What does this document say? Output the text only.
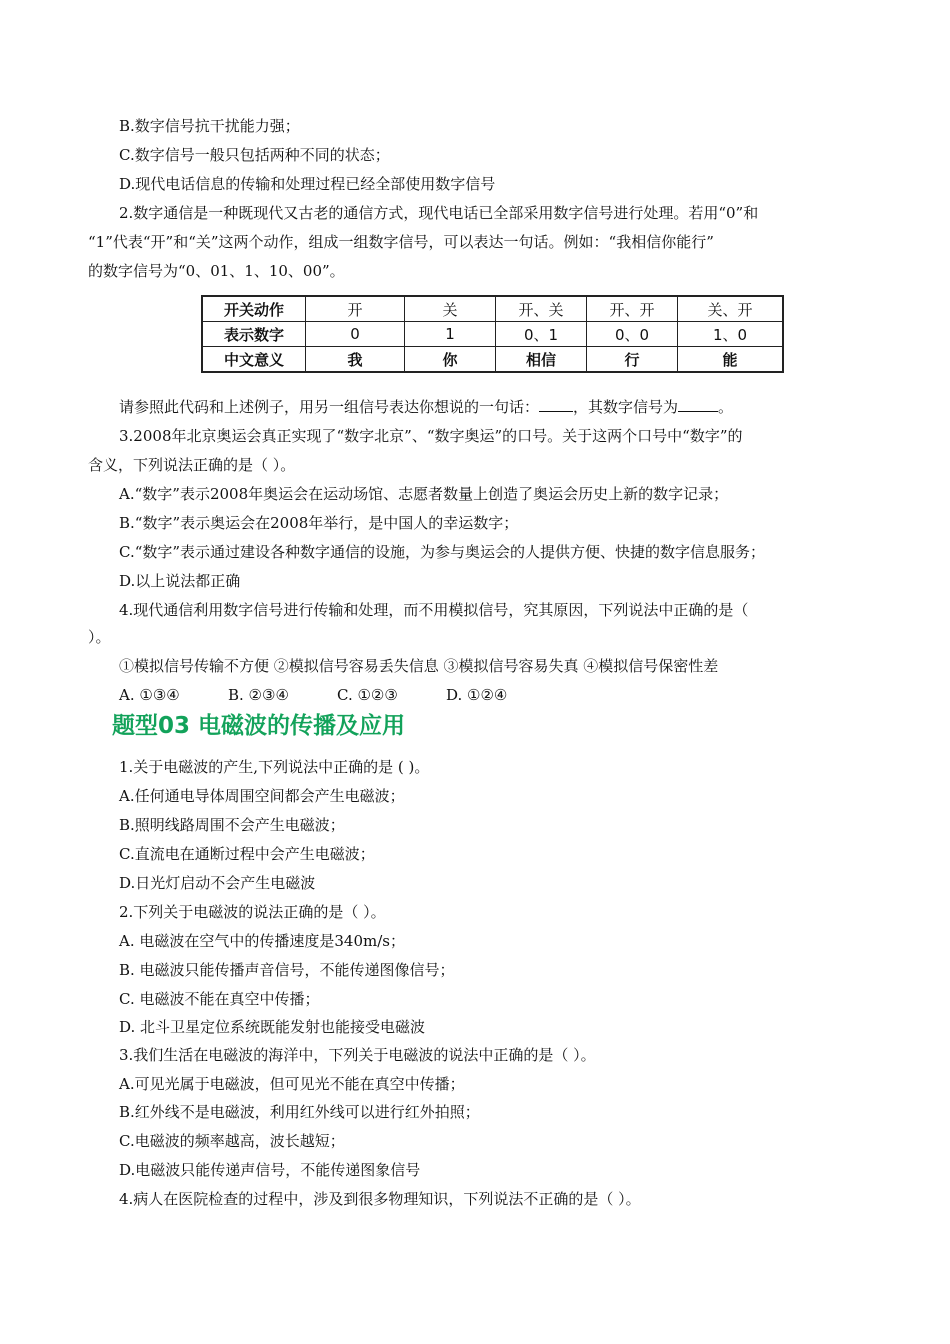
B.数字信号抗干扰能力强；
C.数字信号一般只包括两种不同的状态；
D.现代电话信息的传输和处理过程已经全部使用数字信号
2.数字通信是一种既现代又古老的通信方式，现代电话已全部采用数字信号进行处理。若用“0”和
“1”代表“开”和“关”这两个动作，组成一组数字信号，可以表达一句话。例如：“我相信你能行”
的数字信号为“0、01、1、10、00”。
开关动作	开	关	开、关	开、开	关、开
表示数字	0	1	0、1	0、0	1、0
中文意义	我	你	相信	行	能
请参照此代码和上述例子，用另一组信号表达你想说的一句话： ，其数字信号为	。
3.2008年北京奥运会真正实现了“数字北京”、“数字奥运”的口号。关于这两个口号中“数字”的
含义，下列说法正确的是（ ）。
A.“数字”表示2008年奥运会在运动场馆、志愿者数量上创造了奥运会历史上新的数字记录；
B.“数字”表示奥运会在2008年举行，是中国人的幸运数字；
C.“数字”表示通过建设各种数字通信的设施，为参与奥运会的人提供方便、快捷的数字信息服务；
D.以上说法都正确
4.现代通信利用数字信号进行传输和处理，而不用模拟信号，究其原因，下列说法中正确的是（
）。
①模拟信号传输不方便 ②模拟信号容易丢失信息 ③模拟信号容易失真 ④模拟信号保密性差
A. ①③④	B. ②③④	C. ①②③	D. ①②④
题型03 电磁波的传播及应用
1.关于电磁波的产生,下列说法中正确的是 ( )。
A.任何通电导体周围空间都会产生电磁波；
B.照明线路周围不会产生电磁波；
C.直流电在通断过程中会产生电磁波；
D.日光灯启动不会产生电磁波
2.下列关于电磁波的说法正确的是（ ）。
A. 电磁波在空气中的传播速度是340m/s；
B. 电磁波只能传播声音信号，不能传递图像信号；
C. 电磁波不能在真空中传播；
D. 北斗卫星定位系统既能发射也能接受电磁波
3.我们生活在电磁波的海洋中，下列关于电磁波的说法中正确的是（ ）。
A.可见光属于电磁波，但可见光不能在真空中传播；
B.红外线不是电磁波，利用红外线可以进行红外拍照；
C.电磁波的频率越高，波长越短；
D.电磁波只能传递声信号，不能传递图象信号
4.病人在医院检查的过程中，涉及到很多物理知识，下列说法不正确的是（ ）。
